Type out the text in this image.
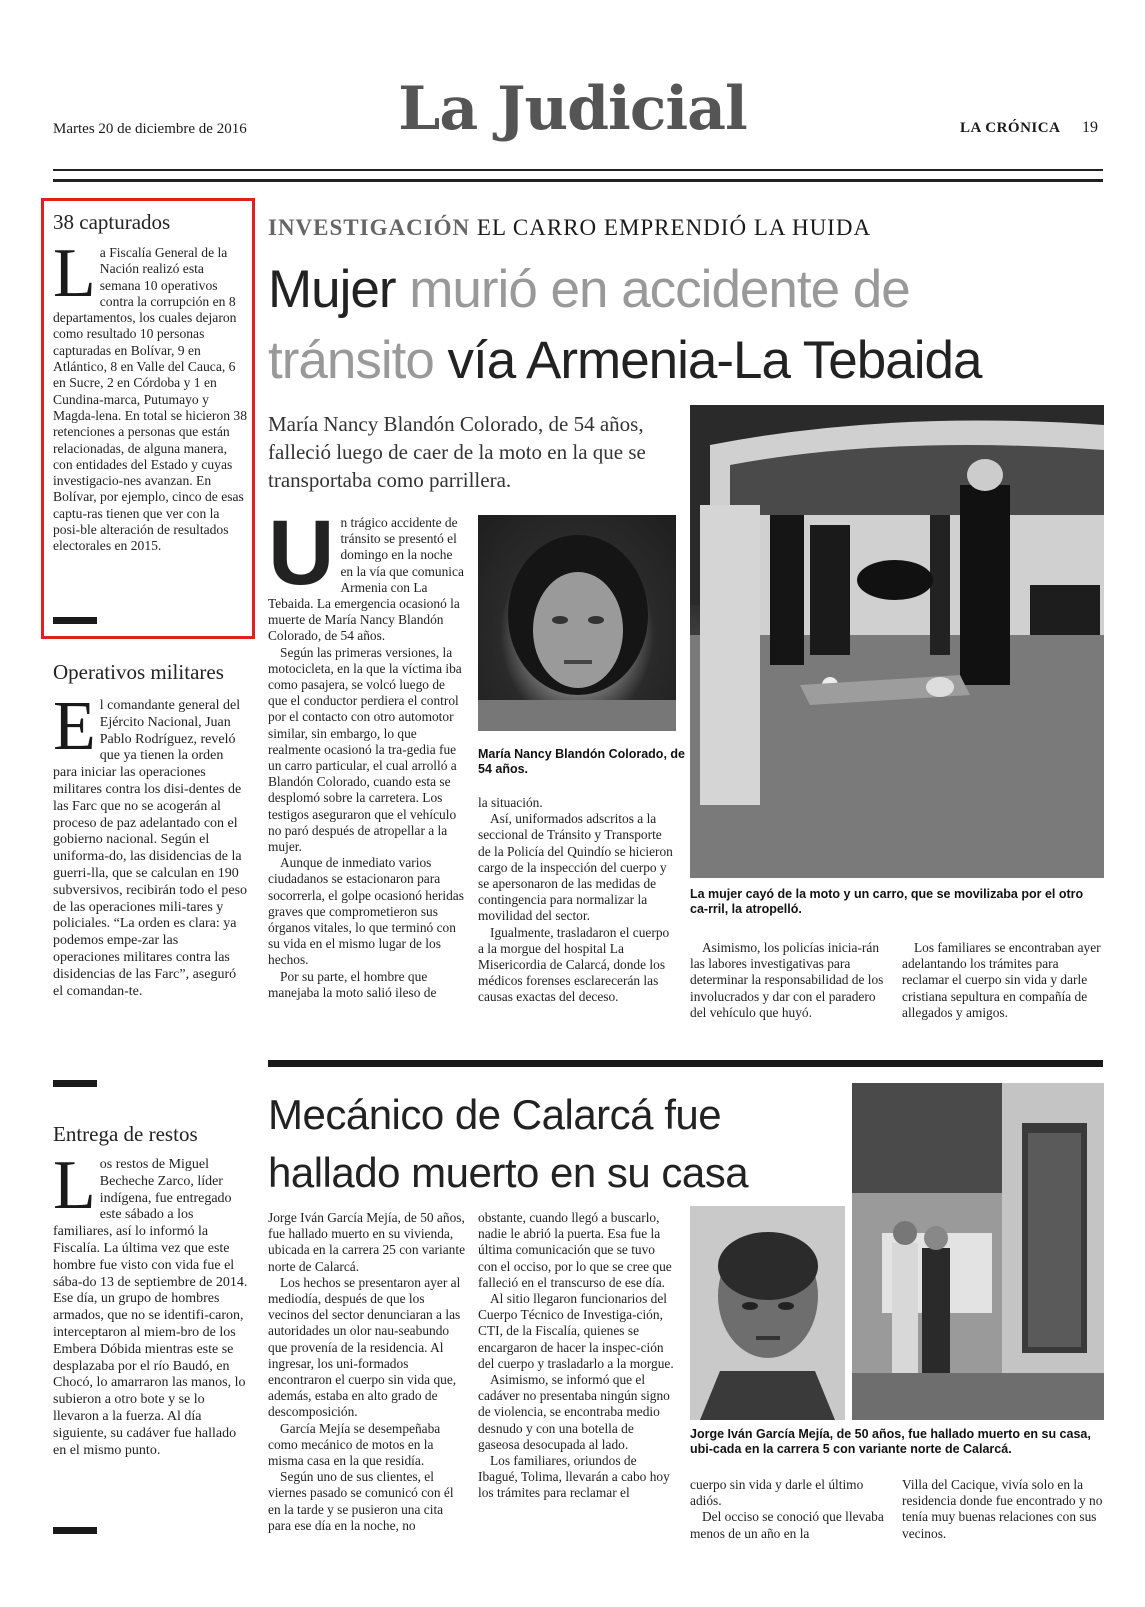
Martes 20 de diciembre de 2016	La Judicial	LA CRÓNICA 19
38 capturados
La Fiscalía General de la Nación realizó esta semana 10 operativos contra la corrupción en 8 departamentos, los cuales dejaron como resultado 10 personas capturadas en Bolívar, 9 en Atlántico, 8 en Valle del Cauca, 6 en Sucre, 2 en Córdoba y 1 en Cundina-marca, Putumayo y Magda-lena. En total se hicieron 38 retenciones a personas que están relacionadas, de alguna manera, con entidades del Estado y cuyas investigacio-nes avanzan. En Bolívar, por ejemplo, cinco de esas captu-ras tienen que ver con la posi-ble alteración de resultados electorales en 2015.
Operativos militares
El comandante general del Ejército Nacional, Juan Pablo Rodríguez, reveló que ya tienen la orden para iniciar las operaciones militares contra los disi-dentes de las Farc que no se acogerán al proceso de paz adelantado con el gobierno nacional. Según el uniforma-do, las disidencias de la guerri-lla, que se calculan en 190 subversivos, recibirán todo el peso de las operaciones mili-tares y policiales. “La orden es clara: ya podemos empe-zar las operaciones militares contra las disidencias de las Farc”, aseguró el comandan-te.
Entrega de restos
Los restos de Miguel Becheche Zarco, líder indígena, fue entregado este sábado a los familiares, así lo informó la Fiscalía. La última vez que este hombre fue visto con vida fue el sába-do 13 de septiembre de 2014. Ese día, un grupo de hombres armados, que no se identifi-caron, interceptaron al miem-bro de los Embera Dóbida mientras este se desplazaba por el río Baudó, en Chocó, lo amarraron las manos, lo subieron a otro bote y se lo llevaron a la fuerza. Al día siguiente, su cadáver fue hallado en el mismo punto.
INVESTIGACIÓN EL CARRO EMPRENDIÓ LA HUIDA
Mujer murió en accidente de
tránsito vía Armenia-La Tebaida
María Nancy Blandón Colorado, de 54 años, falleció luego de caer de la moto en la que se transportaba como parrillera.

Un trágico accidente de tránsito se presentó el domingo en la noche en la vía que comunica Armenia con La Tebaida. La emergencia ocasionó la muerte de María Nancy Blandón Colorado, de 54 años.

Según las primeras versiones, la motocicleta, en la que la víctima iba como pasajera, se volcó luego de que el conductor perdiera el control por el contacto con otro automotor similar, sin embargo, lo que realmente ocasionó la tra-gedia fue un carro particular, el cual arrolló a Blandón Colorado, cuando esta se desplomó sobre la carretera. Los testigos aseguraron que el vehículo no paró después de atropellar a la mujer.

Aunque de inmediato varios ciudadanos se estacionaron para socorrerla, el golpe ocasionó heridas graves que comprometieron sus órganos vitales, lo que terminó con su vida en el mismo lugar de los hechos.

Por su parte, el hombre que manejaba la moto salió ileso de

María Nancy Blandón Colorado, de 54 años.

la situación.

Así, uniformados adscritos a la seccional de Tránsito y Transporte de la Policía del Quindío se hicieron cargo de la inspección del cuerpo y se apersonaron de las medidas de contingencia para normalizar la movilidad del sector.

Igualmente, trasladaron el cuerpo a la morgue del hospital La Misericordia de Calarcá, donde los médicos forenses esclarecerán las causas exactas del deceso.

La mujer cayó de la moto y un carro, que se movilizaba por el otro ca-rril, la atropelló.

Asimismo, los policías inicia-rán las labores investigativas para determinar la responsabilidad de los involucrados y dar con el paradero del vehículo que huyó.

Los familiares se encontraban ayer adelantando los trámites para reclamar el cuerpo sin vida y darle cristiana sepultura en compañía de allegados y amigos.

Mecánico de Calarcá fue hallado muerto en su casa

Jorge Iván García Mejía, de 50 años, fue hallado muerto en su vivienda, ubicada en la carrera 25 con variante norte de Calarcá.

Los hechos se presentaron ayer al mediodía, después de que los vecinos del sector denunciaran a las autoridades un olor nau-seabundo que provenía de la residencia. Al ingresar, los uni-formados encontraron el cuerpo sin vida que, además, estaba en alto grado de descomposición.

García Mejía se desempeñaba como mecánico de motos en la misma casa en la que residía.

Según uno de sus clientes, el viernes pasado se comunicó con él en la tarde y se pusieron una cita para ese día en la noche, no

obstante, cuando llegó a buscarlo, nadie le abrió la puerta. Esa fue la última comunicación que se tuvo con el occiso, por lo que se cree que falleció en el transcurso de ese día.

Al sitio llegaron funcionarios del Cuerpo Técnico de Investiga-ción, CTI, de la Fiscalía, quienes se encargaron de hacer la inspec-ción del cuerpo y trasladarlo a la morgue.

Asimismo, se informó que el cadáver no presentaba ningún signo de violencia, se encontraba medio desnudo y con una botella de gaseosa desocupada al lado.

Los familiares, oriundos de Ibagué, Tolima, llevarán a cabo hoy los trámites para reclamar el

Jorge Iván García Mejía, de 50 años, fue hallado muerto en su casa, ubi-cada en la carrera 5 con variante norte de Calarcá.

cuerpo sin vida y darle el último adiós.

Del occiso se conoció que llevaba menos de un año en la

Villa del Cacique, vivía solo en la residencia donde fue encontrado y no tenía muy buenas relaciones con sus vecinos.
